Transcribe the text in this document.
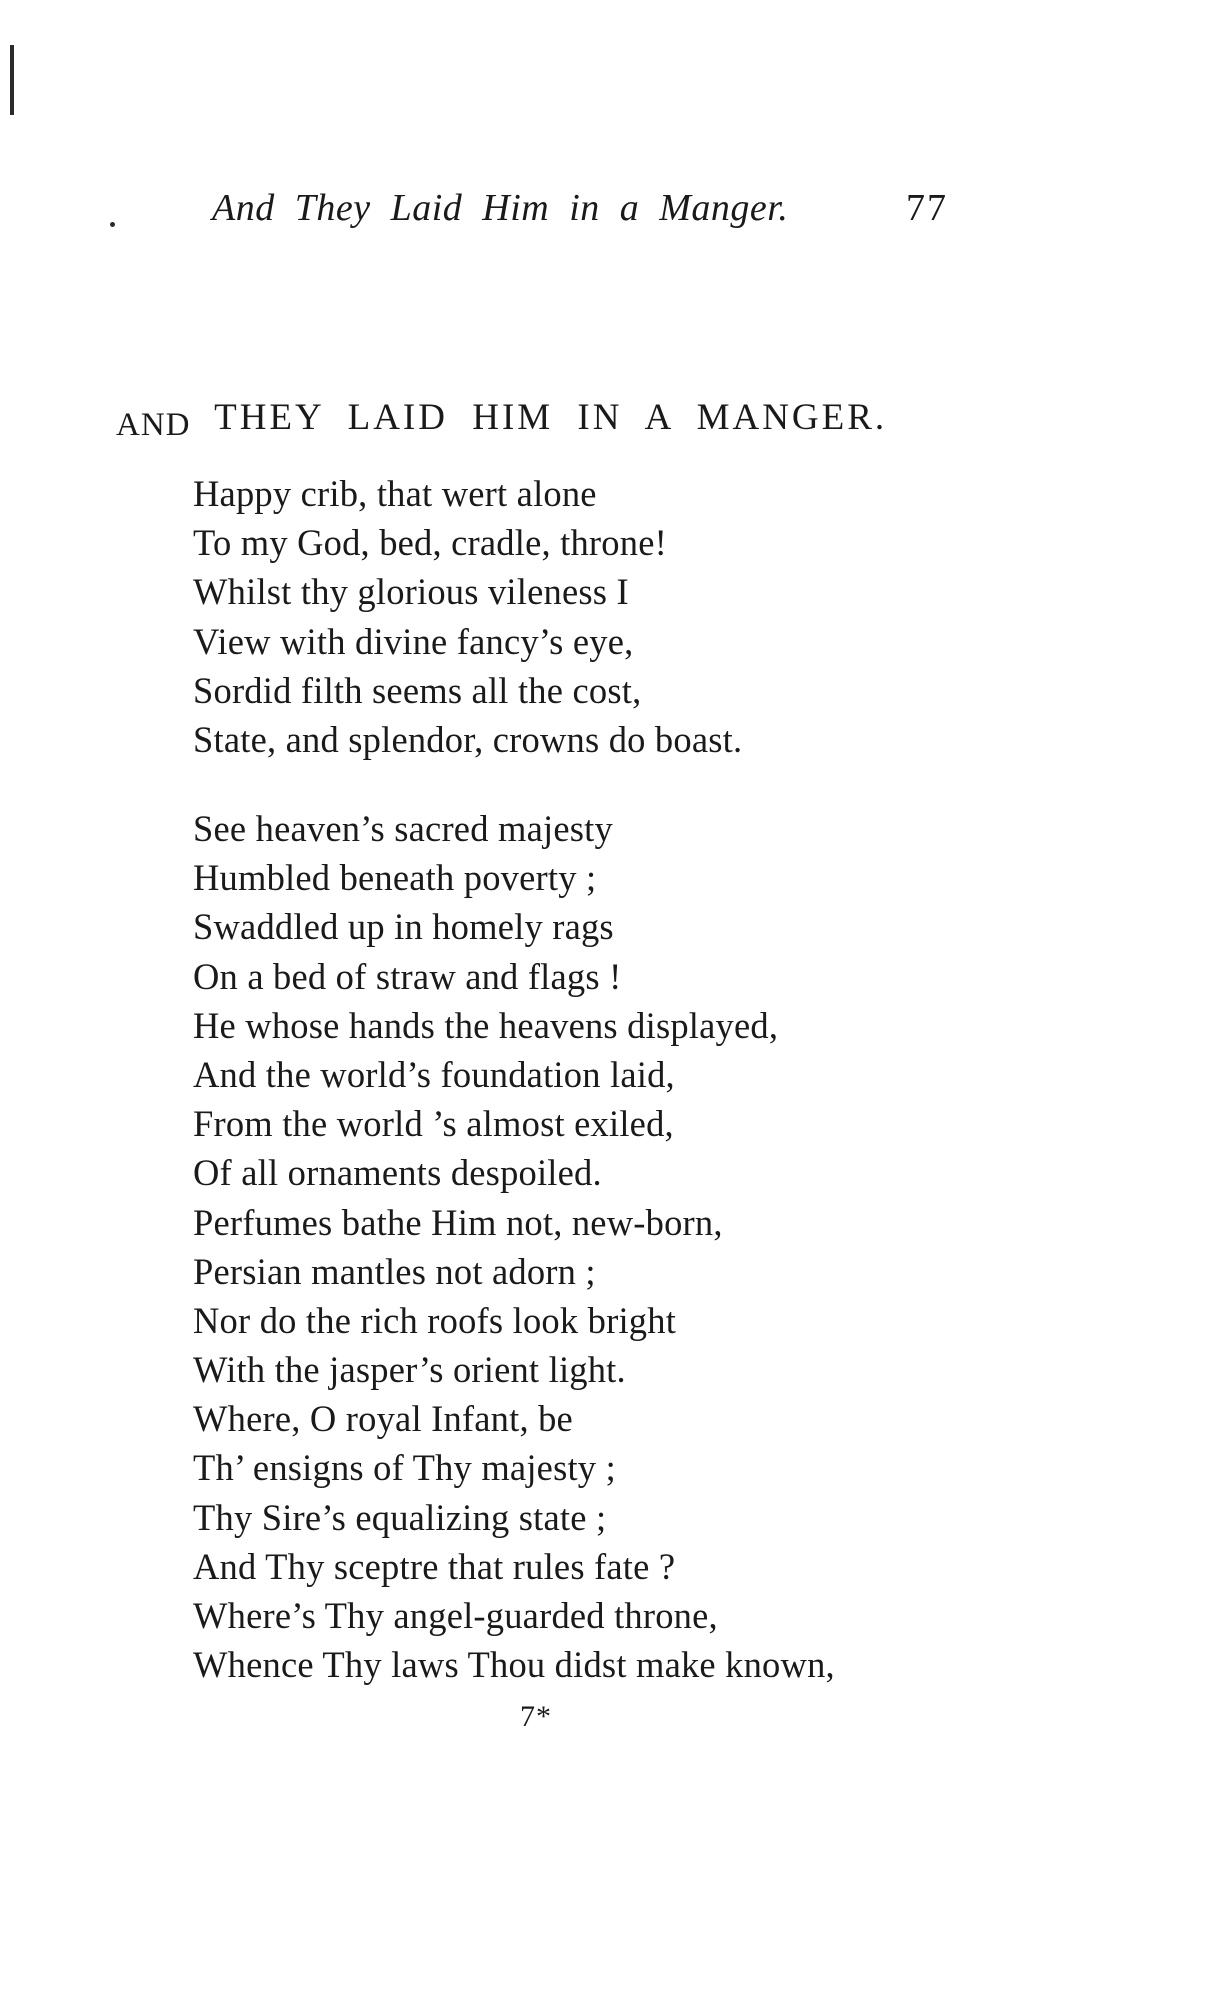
And They Laid Him in a Manger.	77
AND THEY LAID HIM IN A MANGER.
Happy crib, that wert alone
To my God, bed, cradle, throne!
Whilst thy glorious vileness I
View with divine fancy’s eye,
Sordid filth seems all the cost,
State, and splendor, crowns do boast.
See heaven’s sacred majesty
Humbled beneath poverty ;
Swaddled up in homely rags
On a bed of straw and flags !
He whose hands the heavens displayed,
And the world’s foundation laid,
From the world ’s almost exiled,
Of all ornaments despoiled.
Perfumes bathe Him not, new-born,
Persian mantles not adorn ;
Nor do the rich roofs look bright
With the jasper’s orient light.
Where, O royal Infant, be
Th’ ensigns of Thy majesty ;
Thy Sire’s equalizing state ;
And Thy sceptre that rules fate ?
Where’s Thy angel-guarded throne,
Whence Thy laws Thou didst make known,
7*
